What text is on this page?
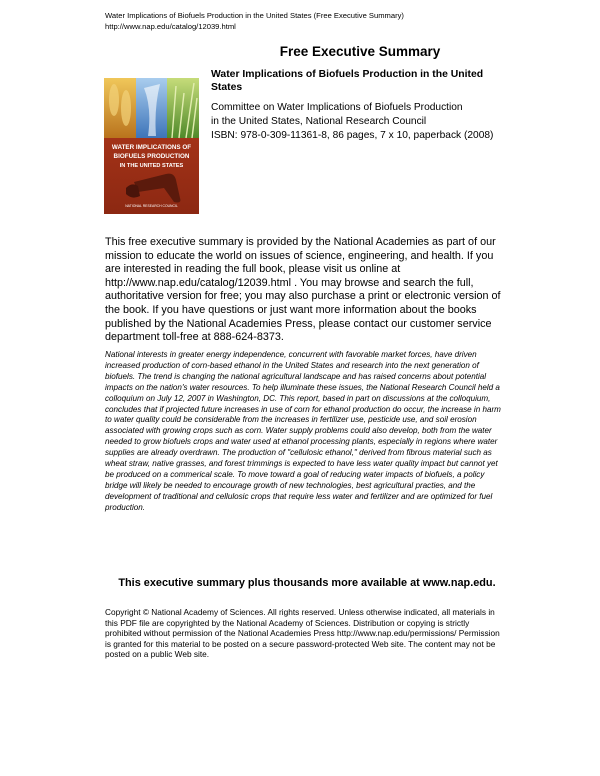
Water Implications of Biofuels Production in the United States (Free Executive Summary)
http://www.nap.edu/catalog/12039.html
Free Executive Summary
WATER IMPLICATIONS OF
BIOFUELS PRODUCTION
IN THE UNITED STATES
NATIONAL RESEARCH COUNCIL
Water Implications of Biofuels Production in the United States
Committee on Water Implications of Biofuels Production
in the United States, National Research Council
ISBN: 978-0-309-11361-8, 86 pages, 7 x 10, paperback (2008)
This free executive summary is provided by the National Academies as part of our mission to educate the world on issues of science, engineering, and health. If you are interested in reading the full book, please visit us online at http://www.nap.edu/catalog/12039.html . You may browse and search the full, authoritative version for free; you may also purchase a print or electronic version of the book. If you have questions or just want more information about the books published by the National Academies Press, please contact our customer service department toll-free at 888-624-8373.
National interests in greater energy independence, concurrent with favorable market forces, have driven increased production of corn-based ethanol in the United States and research into the next generation of biofuels. The trend is changing the national agricultural landscape and has raised concerns about potential impacts on the nation's water resources. To help illuminate these issues, the National Research Council held a colloquium on July 12, 2007 in Washington, DC. This report, based in part on discussions at the colloquium, concludes that if projected future increases in use of corn for ethanol production do occur, the increase in harm to water quality could be considerable from the increases in fertilizer use, pesticide use, and soil erosion associated with growing crops such as corn. Water supply problems could also develop, both from the water needed to grow biofuels crops and water used at ethanol processing plants, especially in regions where water supplies are already overdrawn. The production of "cellulosic ethanol," derived from fibrous material such as wheat straw, native grasses, and forest trimmings is expected to have less water quality impact but cannot yet be produced on a commerical scale. To move toward a goal of reducing water impacts of biofuels, a policy bridge will likely be needed to encourage growth of new technologies, best agricultural practies, and the development of traditional and cellulosic crops that require less water and fertilizer and are optimized for fuel production.
This executive summary plus thousands more available at www.nap.edu.
Copyright © National Academy of Sciences. All rights reserved. Unless otherwise indicated, all materials in this PDF file are copyrighted by the National Academy of Sciences. Distribution or copying is strictly prohibited without permission of the National Academies Press http://www.nap.edu/permissions/ Permission is granted for this material to be posted on a secure password-protected Web site. The content may not be posted on a public Web site.
